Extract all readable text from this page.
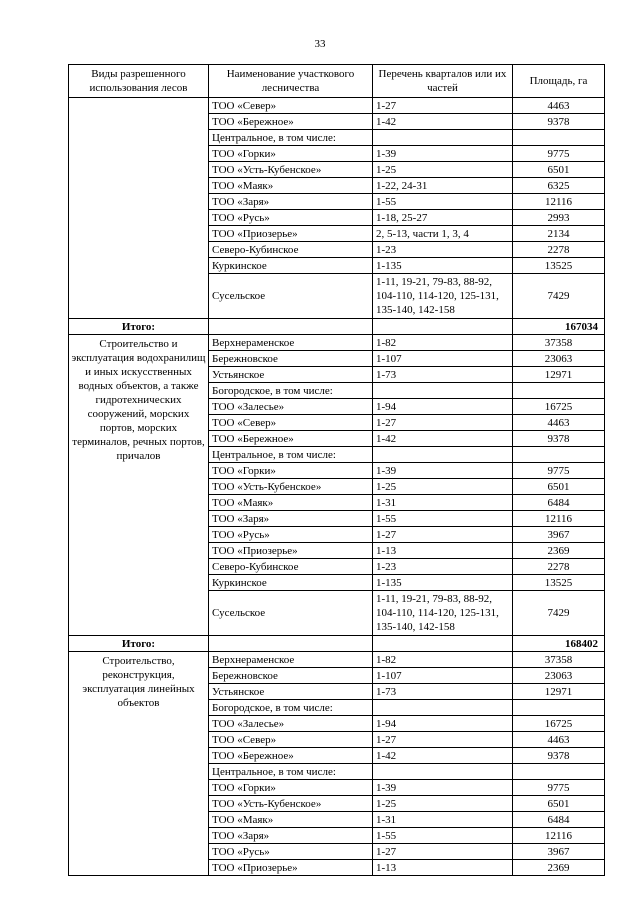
33
Виды разрешенного использования лесов	Наименование участкового лесничества	Перечень кварталов или их частей	Площадь, га
	ТОО «Север»	1-27	4463
	ТОО «Бережное»	1-42	9378
	Центральное, в том числе:		
	ТОО «Горки»	1-39	9775
	ТОО «Усть-Кубенское»	1-25	6501
	ТОО «Маяк»	1-22, 24-31	6325
	ТОО «Заря»	1-55	12116
	ТОО «Русь»	1-18, 25-27	2993
	ТОО «Приозерье»	2, 5-13, части 1, 3, 4	2134
	Северо-Кубинское	1-23	2278
	Куркинское	1-135	13525
	Сусельское	1-11, 19-21, 79-83, 88-92, 104-110, 114-120, 125-131, 135-140, 142-158	7429
Итого:			167034
Строительство и эксплуатация водохранилищ и иных искусственных водных объектов, а также гидротехнических сооружений, морских портов, морских терминалов, речных портов, причалов	Верхнераменское	1-82	37358
	Бережновское	1-107	23063
	Устьянское	1-73	12971
	Богородское, в том числе:		
	ТОО «Залесье»	1-94	16725
	ТОО «Север»	1-27	4463
	ТОО «Бережное»	1-42	9378
	Центральное, в том числе:		
	ТОО «Горки»	1-39	9775
	ТОО «Усть-Кубенское»	1-25	6501
	ТОО «Маяк»	1-31	6484
	ТОО «Заря»	1-55	12116
	ТОО «Русь»	1-27	3967
	ТОО «Приозерье»	1-13	2369
	Северо-Кубинское	1-23	2278
	Куркинское	1-135	13525
	Сусельское	1-11, 19-21, 79-83, 88-92, 104-110, 114-120, 125-131, 135-140, 142-158	7429
Итого:			168402
Строительство, реконструкция, эксплуатация линейных объектов	Верхнераменское	1-82	37358
	Бережновское	1-107	23063
	Устьянское	1-73	12971
	Богородское, в том числе:		
	ТОО «Залесье»	1-94	16725
	ТОО «Север»	1-27	4463
	ТОО «Бережное»	1-42	9378
	Центральное, в том числе:		
	ТОО «Горки»	1-39	9775
	ТОО «Усть-Кубенское»	1-25	6501
	ТОО «Маяк»	1-31	6484
	ТОО «Заря»	1-55	12116
	ТОО «Русь»	1-27	3967
	ТОО «Приозерье»	1-13	2369
